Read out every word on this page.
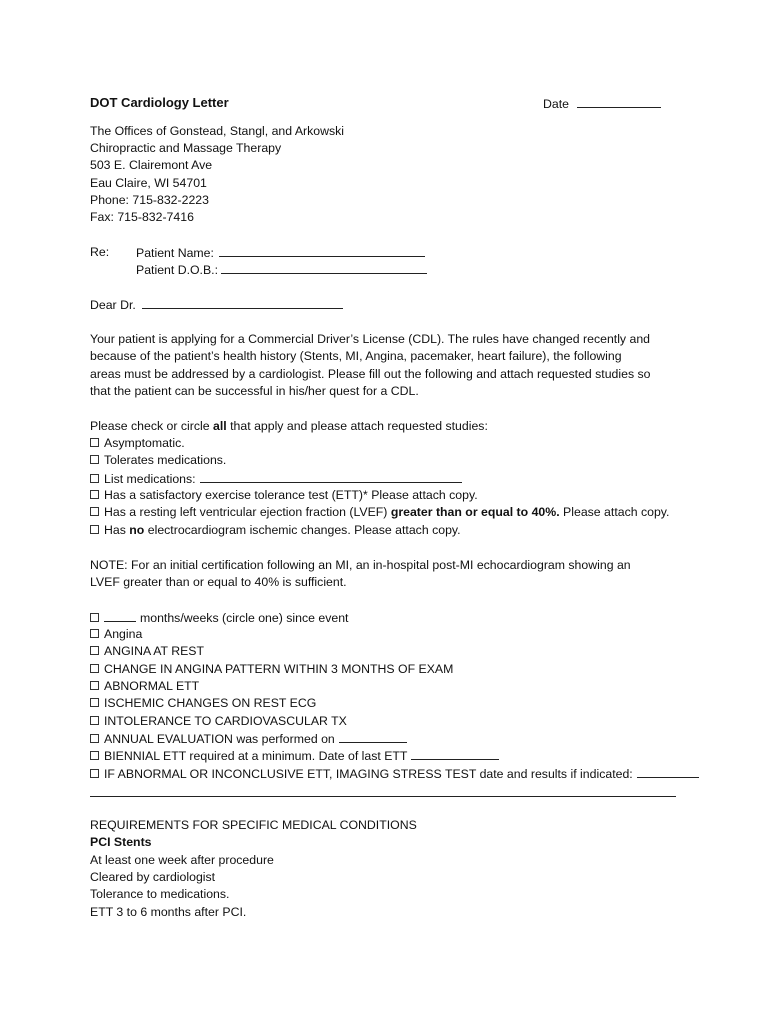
DOT Cardiology Letter	Date
The Offices of Gonstead, Stangl, and Arkowski
Chiropractic and Massage Therapy
503 E. Clairemont Ave
Eau Claire, WI 54701
Phone: 715-832-2223
Fax: 715-832-7416
Re: Patient Name:
Patient D.O.B.:
Dear Dr.
Your patient is applying for a Commercial Driver’s License (CDL). The rules have changed recently and
because of the patient’s health history (Stents, MI, Angina, pacemaker, heart failure), the following
areas must be addressed by a cardiologist. Please fill out the following and attach requested studies so
that the patient can be successful in his/her quest for a CDL.
Please check or circle all that apply and please attach requested studies:
Asymptomatic.
Tolerates medications.
List medications:
Has a satisfactory exercise tolerance test (ETT)* Please attach copy.
Has a resting left ventricular ejection fraction (LVEF) greater than or equal to 40%. Please attach copy.
Has no electrocardiogram ischemic changes. Please attach copy.
NOTE: For an initial certification following an MI, an in-hospital post-MI echocardiogram showing an
LVEF greater than or equal to 40% is sufficient.
months/weeks (circle one) since event
Angina
ANGINA AT REST
CHANGE IN ANGINA PATTERN WITHIN 3 MONTHS OF EXAM
ABNORMAL ETT
ISCHEMIC CHANGES ON REST ECG
INTOLERANCE TO CARDIOVASCULAR TX
ANNUAL EVALUATION was performed on
BIENNIAL ETT required at a minimum. Date of last ETT
IF ABNORMAL OR INCONCLUSIVE ETT, IMAGING STRESS TEST date and results if indicated:
REQUIREMENTS FOR SPECIFIC MEDICAL CONDITIONS
PCI Stents
At least one week after procedure
Cleared by cardiologist
Tolerance to medications.
ETT 3 to 6 months after PCI.
